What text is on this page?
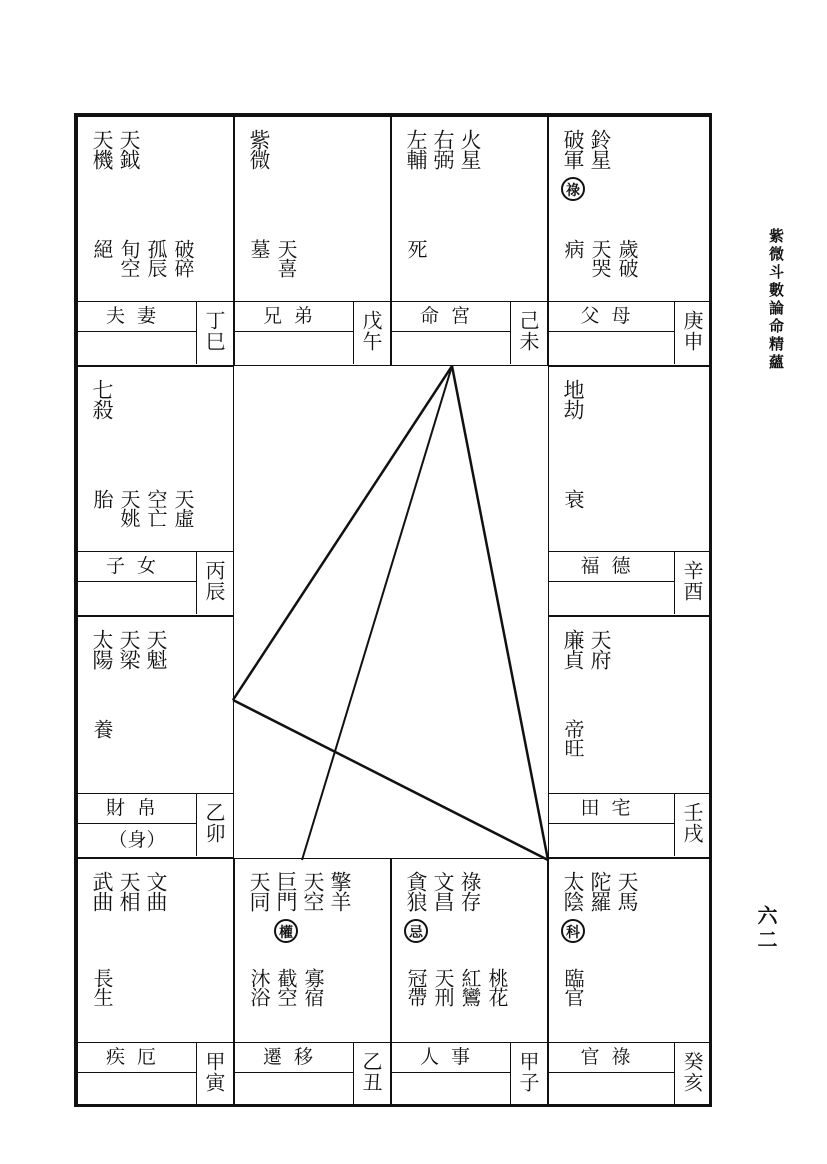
天機 天鉞
絕 旬空 孤辰 破碎
夫妻	丁巳
紫微
墓 天喜
兄弟	戊午
左輔 右弼 火星
死
命宮	己未
破軍 鈴星
祿
病 天哭 歲破
父母	庚申
七殺
胎 天姚 空亡 天虛
子女	丙辰
地劫
衰
福德	辛酉
太陽 天梁 天魁
養
財帛
（身）	乙卯
廉貞 天府
帝旺
田宅	壬戌
武曲 天相 文曲
長生
疾厄	甲寅
天同 巨門 天空 擎羊
權
沐浴 截空 寡宿
遷移	乙丑
貪狼 文昌 祿存
忌
冠帶 天刑 紅鸞 桃花
人事	甲子
太陰 陀羅 天馬
科
臨官
官祿	癸亥
紫微斗數論命精蘊
六二
